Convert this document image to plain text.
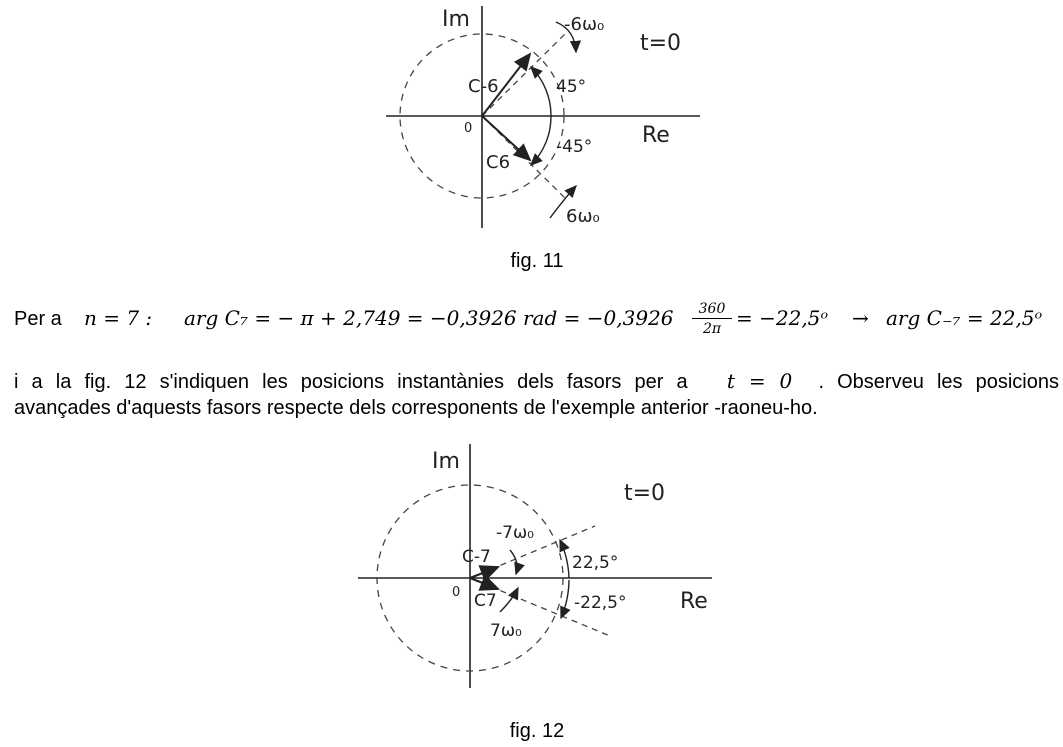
Im
Re
0
t=0
C-6
C6
45°
-45°
-6ω₀
6ω₀
fig. 11
Per a n = 7 : arg C₇ = − π + 2,749 = −0,3926 rad = $-0,3926 \frac{360}{2\pi}$ = −22,5ᵒ → arg C₋₇ = 22,5ᵒ
i a la fig. 12 s'indiquen les posicions instantànies dels fasors per a t = 0 . Observeu les posicions
avançades d'aquests fasors respecte dels corresponents de l'exemple anterior -raoneu-ho.
Im
Re
0
t=0
C-7
C7
22,5°
-22,5°
-7ω₀
7ω₀
fig. 12
